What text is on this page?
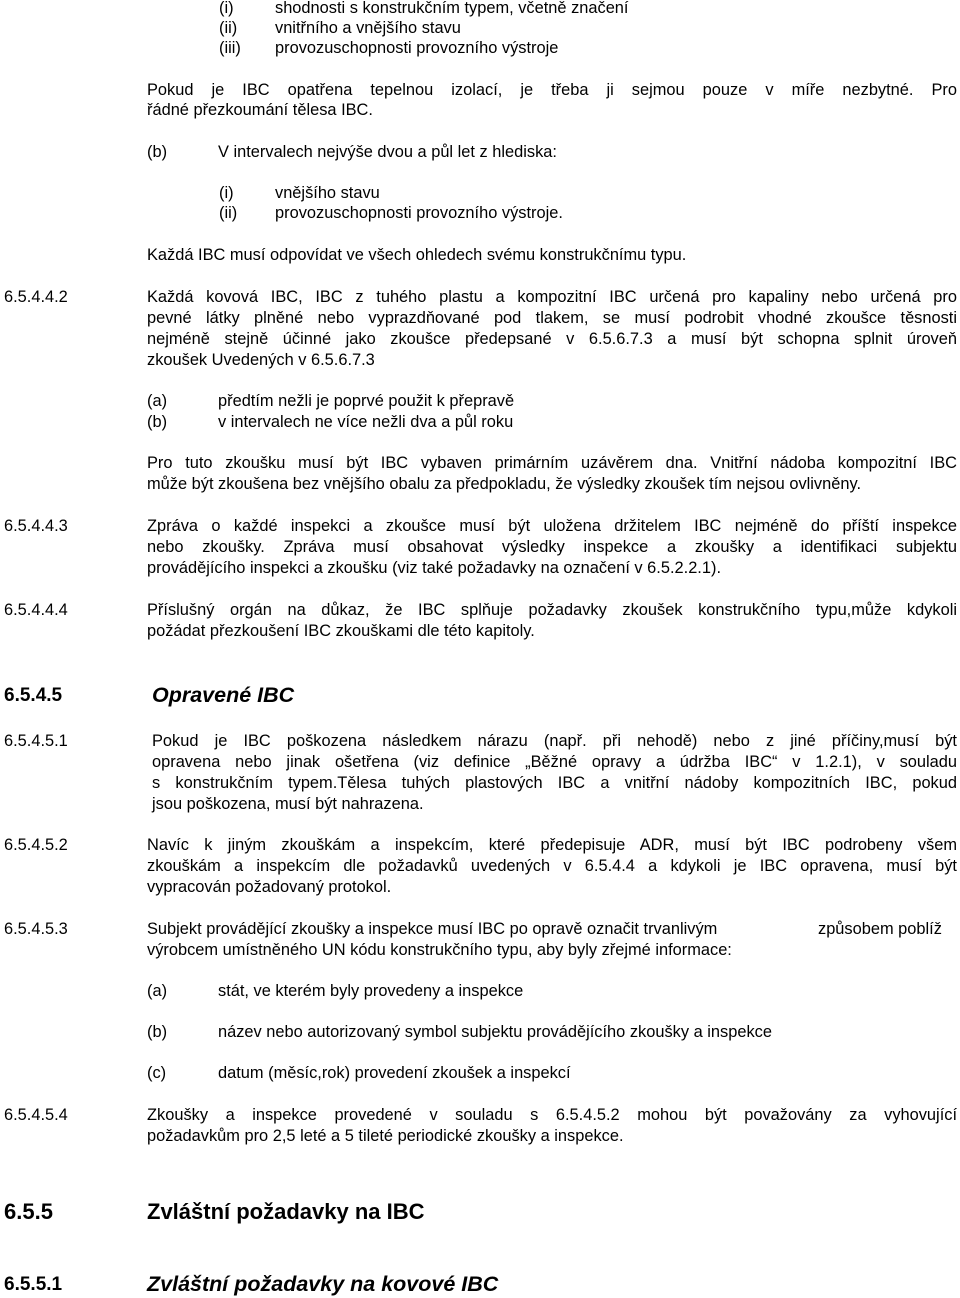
(i)	shodnosti s konstrukčním typem, včetně značení
(ii) vnitřního a vnějšího stavu
(iii) provozuschopnosti provozního výstroje
Pokud je IBC opatřena tepelnou izolací, je třeba ji sejmou pouze v míře nezbytné. Pro
řádné přezkoumání tělesa IBC.
(b)	V intervalech nejvýše dvou a půl let z hlediska:
(i)	vnějšího stavu
(ii) provozuschopnosti provozního výstroje.
Každá IBC musí odpovídat ve všech ohledech svému konstrukčnímu typu.
6.5.4.4.2	Každá kovová IBC, IBC z tuhého plastu a kompozitní IBC určená pro kapaliny nebo určená pro
pevné látky plněné nebo vyprazdňované pod tlakem, se musí podrobit vhodné zkoušce těsnosti
nejméně stejně účinné jako zkoušce předepsané v 6.5.6.7.3 a musí být schopna splnit úroveň
zkoušek Uvedených v 6.5.6.7.3
(a)	předtím nežli je poprvé použit k přepravě
(b)	v intervalech ne více nežli dva a půl roku
Pro tuto zkoušku musí být IBC vybaven primárním uzávěrem dna. Vnitřní nádoba kompozitní IBC
může být zkoušena bez vnějšího obalu za předpokladu, že výsledky zkoušek tím nejsou ovlivněny.
6.5.4.4.3	Zpráva o každé inspekci a zkoušce musí být uložena držitelem IBC nejméně do příští inspekce
nebo zkoušky. Zpráva musí obsahovat výsledky inspekce a zkoušky a identifikaci subjektu
provádějícího inspekci a zkoušku (viz také požadavky na označení v 6.5.2.2.1).
6.5.4.4.4	Příslušný orgán na důkaz, že IBC splňuje požadavky zkoušek konstrukčního typu,může kdykoli
požádat přezkoušení IBC zkouškami dle této kapitoly.
6.5.4.5	Opravené IBC
6.5.4.5.1	Pokud je IBC poškozena následkem nárazu (např. při nehodě) nebo z jiné příčiny,musí být
opravena nebo jinak ošetřena (viz definice „Běžné opravy a údržba IBC“ v 1.2.1), v souladu
s konstrukčním typem.Tělesa tuhých plastových IBC a vnitřní nádoby kompozitních IBC, pokud
jsou poškozena, musí být nahrazena.
6.5.4.5.2	Navíc k jiným zkouškám a inspekcím, které předepisuje ADR, musí být IBC podrobeny všem
zkouškám a inspekcím dle požadavků uvedených v 6.5.4.4 a kdykoli je IBC opravena, musí být
vypracován požadovaný protokol.
6.5.4.5.3	Subjekt provádějící zkoušky a inspekce musí IBC po opravě označit trvanlivým	způsobem poblíž
výrobcem umístněného UN kódu konstrukčního typu, aby byly zřejmé informace:
(a)	stát, ve kterém byly provedeny a inspekce
(b)	název nebo autorizovaný symbol subjektu provádějícího zkoušky a inspekce
(c)	datum (měsíc,rok) provedení zkoušek a inspekcí
6.5.4.5.4	Zkoušky a inspekce provedené v souladu s 6.5.4.5.2 mohou být považovány za vyhovující
požadavkům pro 2,5 leté a 5 tileté periodické zkoušky a inspekce.
6.5.5	Zvláštní požadavky na IBC
6.5.5.1	Zvláštní požadavky na kovové IBC
